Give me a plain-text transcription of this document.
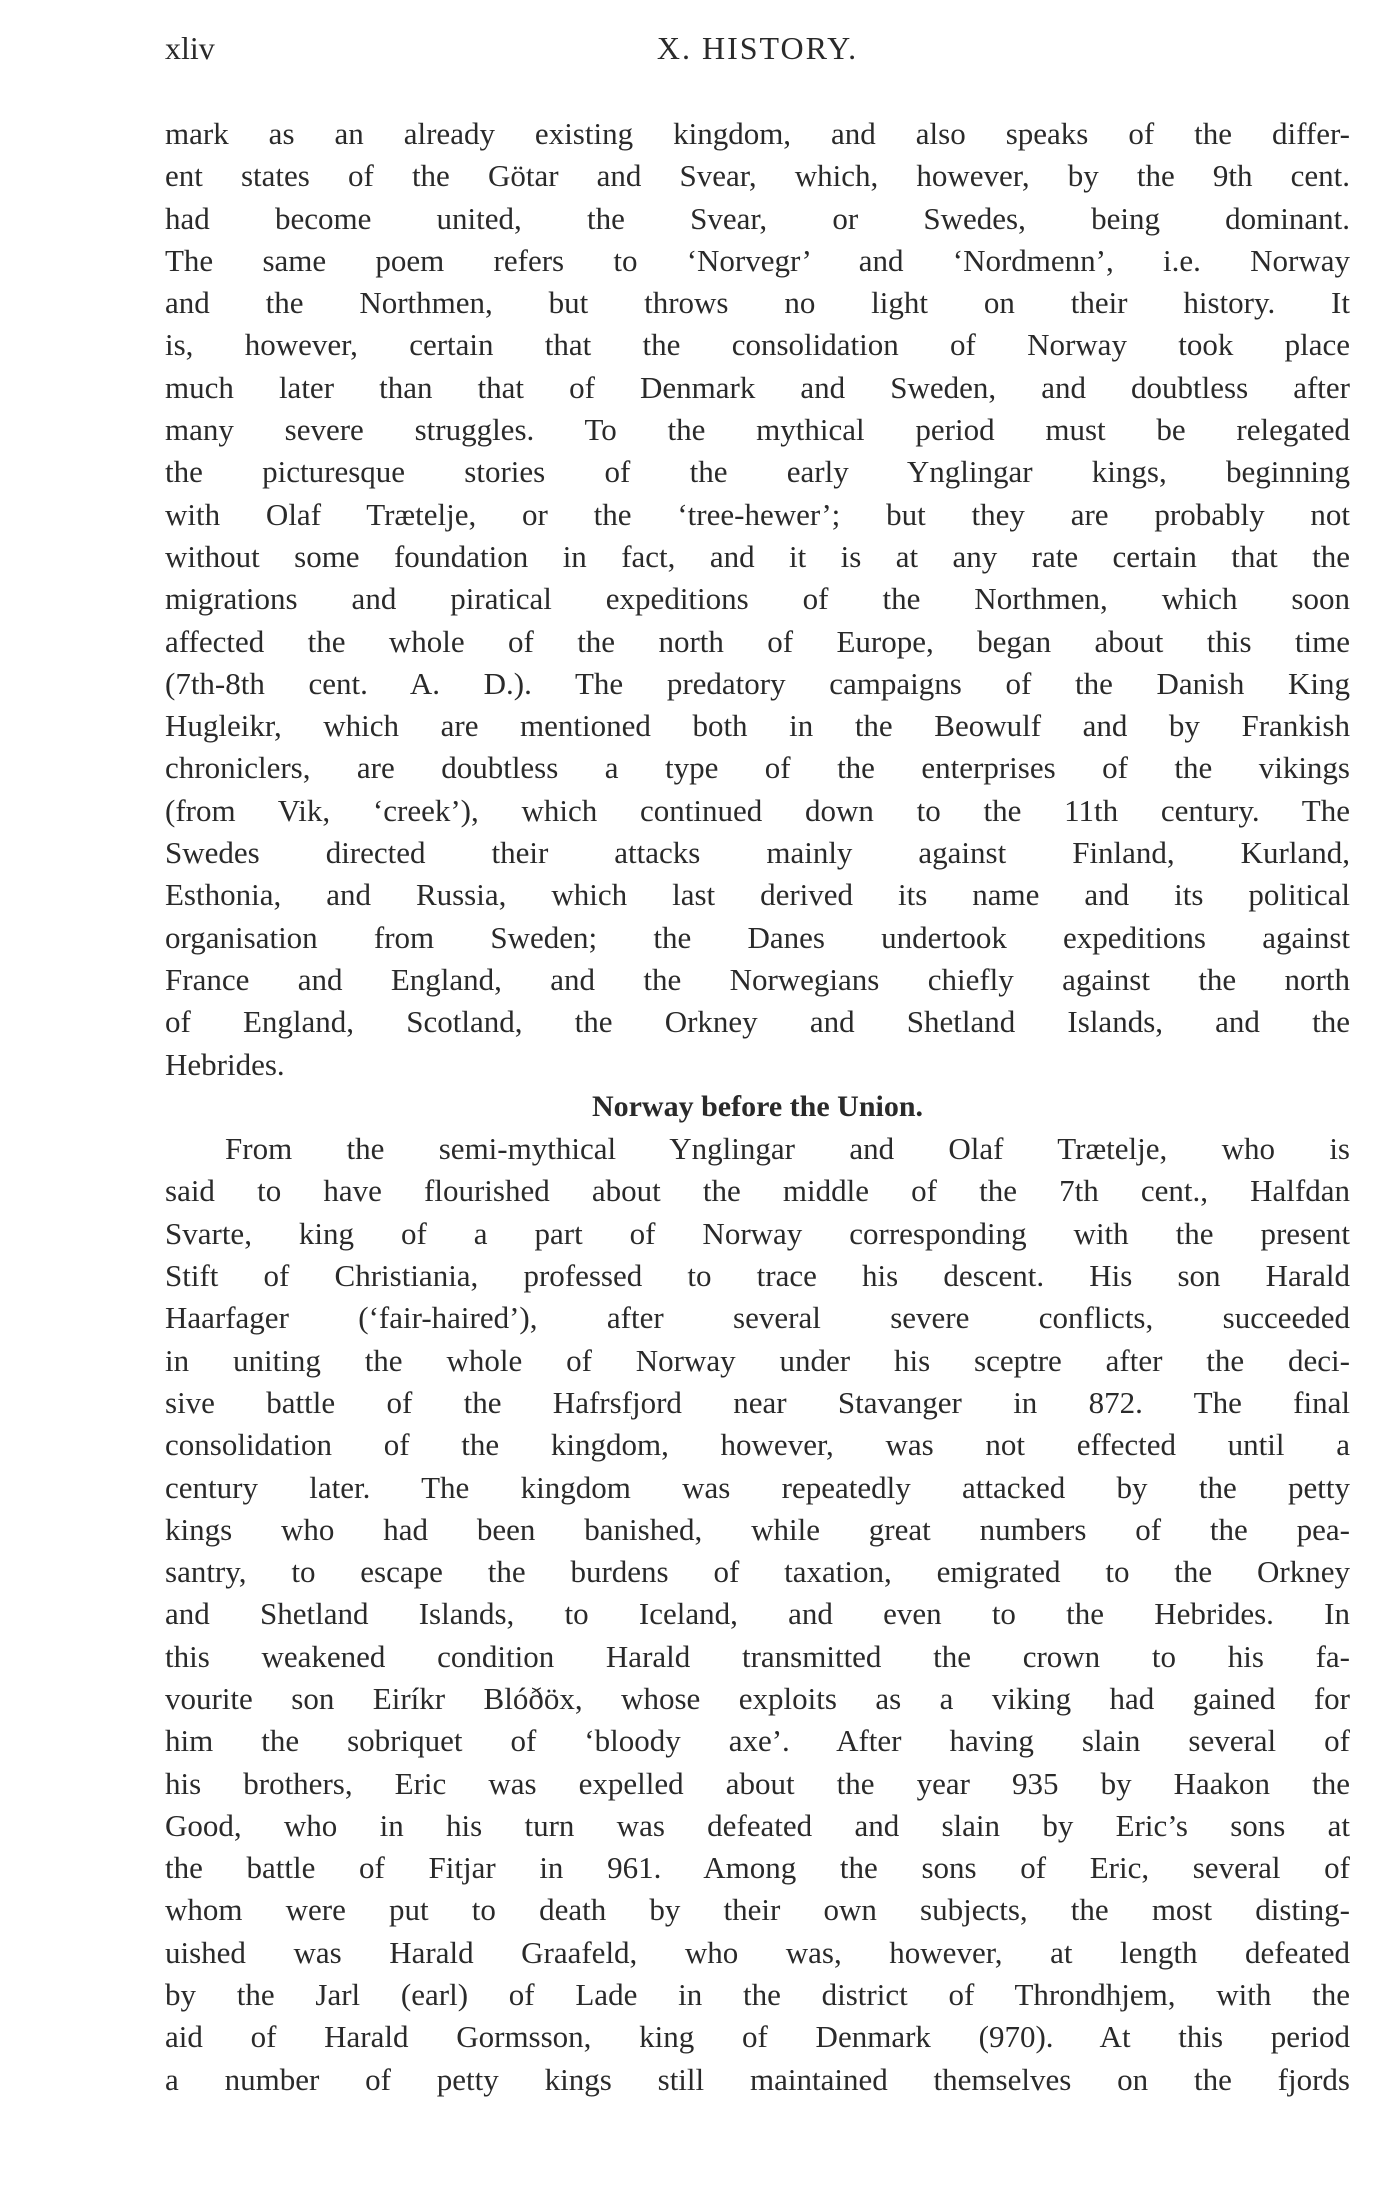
xliv	X. HISTORY.
mark as an already existing kingdom, and also speaks of the differ-
ent states of the Götar and Svear, which, however, by the 9th cent.
had become united, the Svear, or Swedes, being dominant.
The same poem refers to ‘Norvegr’ and ‘Nordmenn’, i.e. Norway
and the Northmen, but throws no light on their history. It
is, however, certain that the consolidation of Norway took place
much later than that of Denmark and Sweden, and doubtless after
many severe struggles. To the mythical period must be relegated
the picturesque stories of the early Ynglingar kings, beginning
with Olaf Trætelje, or the ‘tree-hewer’; but they are probably not
without some foundation in fact, and it is at any rate certain that the
migrations and piratical expeditions of the Northmen, which soon
affected the whole of the north of Europe, began about this time
(7th-8th cent. A. D.). The predatory campaigns of the Danish King
Hugleikr, which are mentioned both in the Beowulf and by Frankish
chroniclers, are doubtless a type of the enterprises of the vikings
(from Vik, ‘creek’), which continued down to the 11th century. The
Swedes directed their attacks mainly against Finland, Kurland,
Esthonia, and Russia, which last derived its name and its political
organisation from Sweden; the Danes undertook expeditions against
France and England, and the Norwegians chiefly against the north
of England, Scotland, the Orkney and Shetland Islands, and the
Hebrides.
Norway before the Union.
From the semi-mythical Ynglingar and Olaf Trætelje, who is
said to have flourished about the middle of the 7th cent., Halfdan
Svarte, king of a part of Norway corresponding with the present
Stift of Christiania, professed to trace his descent. His son Harald
Haarfager (‘fair-haired’), after several severe conflicts, succeeded
in uniting the whole of Norway under his sceptre after the deci-
sive battle of the Hafrsfjord near Stavanger in 872. The final
consolidation of the kingdom, however, was not effected until a
century later. The kingdom was repeatedly attacked by the petty
kings who had been banished, while great numbers of the pea-
santry, to escape the burdens of taxation, emigrated to the Orkney
and Shetland Islands, to Iceland, and even to the Hebrides. In
this weakened condition Harald transmitted the crown to his fa-
vourite son Eiríkr Blóðöx, whose exploits as a viking had gained for
him the sobriquet of ‘bloody axe’. After having slain several of
his brothers, Eric was expelled about the year 935 by Haakon the
Good, who in his turn was defeated and slain by Eric’s sons at
the battle of Fitjar in 961. Among the sons of Eric, several of
whom were put to death by their own subjects, the most disting-
uished was Harald Graafeld, who was, however, at length defeated
by the Jarl (earl) of Lade in the district of Throndhjem, with the
aid of Harald Gormsson, king of Denmark (970). At this period
a number of petty kings still maintained themselves on the fjords
